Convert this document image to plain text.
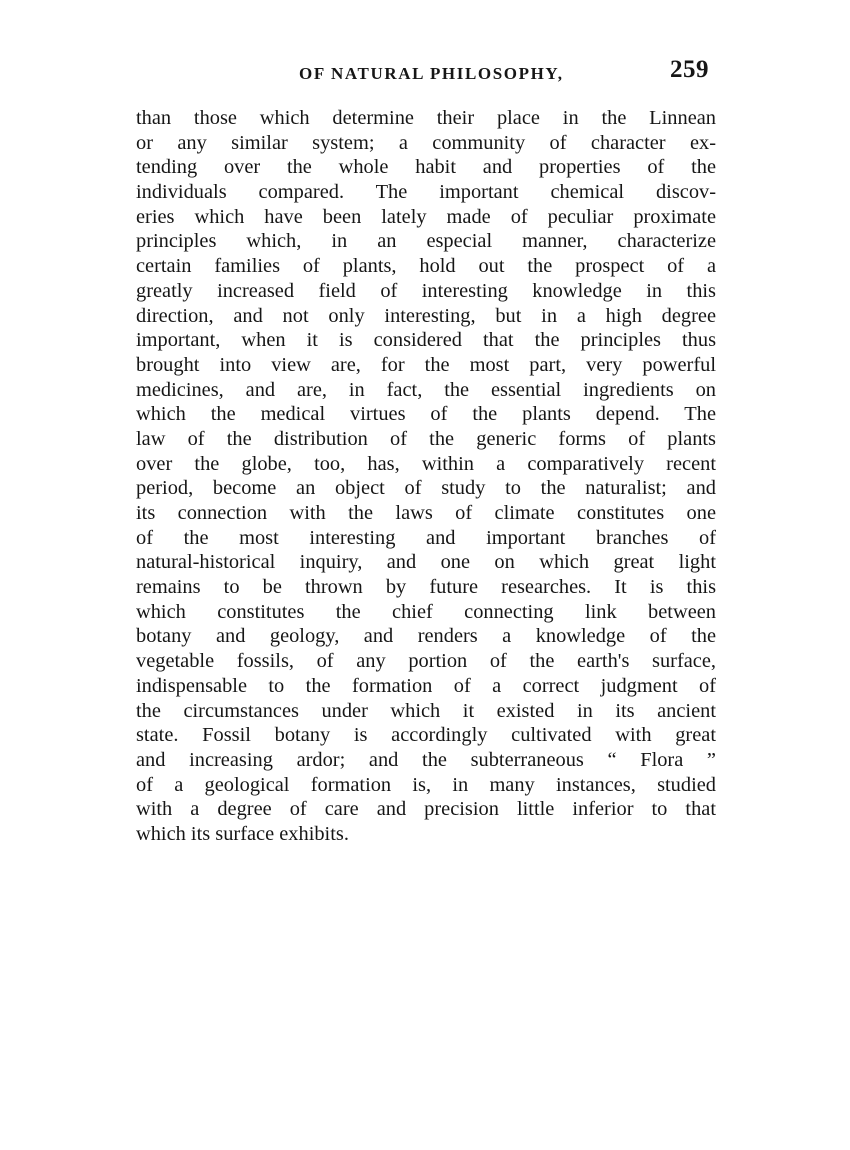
OF NATURAL PHILOSOPHY,	259
than those which determine their place in the Linnean
or any similar system; a community of character ex-
tending over the whole habit and properties of the
individuals compared. The important chemical discov-
eries which have been lately made of peculiar proximate
principles which, in an especial manner, characterize
certain families of plants, hold out the prospect of a
greatly increased field of interesting knowledge in this
direction, and not only interesting, but in a high degree
important, when it is considered that the principles thus
brought into view are, for the most part, very powerful
medicines, and are, in fact, the essential ingredients on
which the medical virtues of the plants depend. The
law of the distribution of the generic forms of plants
over the globe, too, has, within a comparatively recent
period, become an object of study to the naturalist; and
its connection with the laws of climate constitutes one
of the most interesting and important branches of
natural-historical inquiry, and one on which great light
remains to be thrown by future researches. It is this
which constitutes the chief connecting link between
botany and geology, and renders a knowledge of the
vegetable fossils, of any portion of the earth's surface,
indispensable to the formation of a correct judgment of
the circumstances under which it existed in its ancient
state. Fossil botany is accordingly cultivated with great
and increasing ardor; and the subterraneous “ Flora ”
of a geological formation is, in many instances, studied
with a degree of care and precision little inferior to that
which its surface exhibits.
